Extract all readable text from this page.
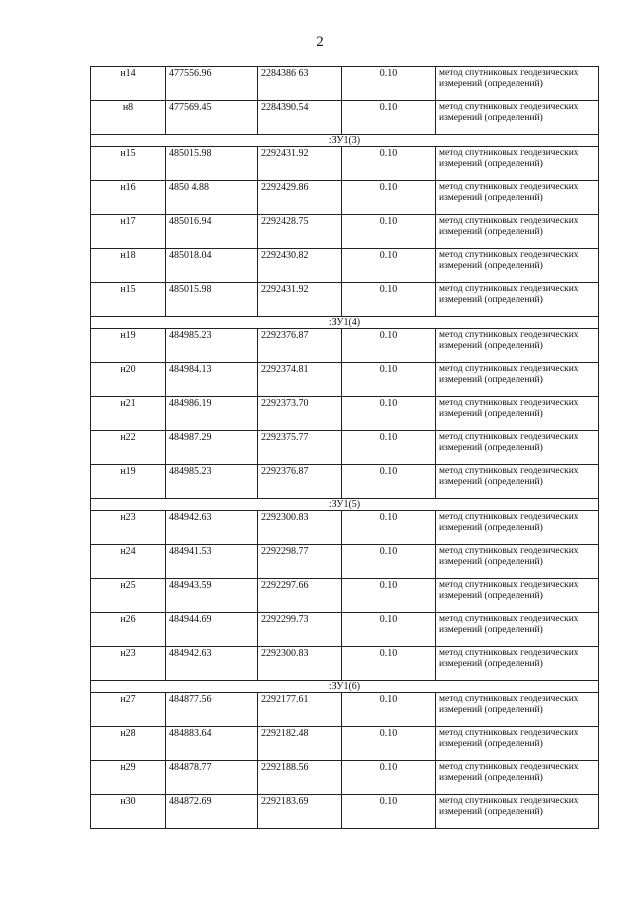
2
н14	477556.96	2284386 63	0.10	метод спутниковых геодезических измерений (определений)
н8	477569.45	2284390.54	0.10	метод спутниковых геодезических измерений (определений)
:ЗУ1(3)				
н15	485015.98	2292431.92	0.10	метод спутниковых геодезических измерений (определений)
н16	4850 4.88	2292429.86	0.10	метод спутниковых геодезических измерений (определений)
н17	485016.94	2292428.75	0.10	метод спутниковых геодезических измерений (определений)
н18	485018.04	2292430.82	0.10	метод спутниковых геодезических измерений (определений)
н15	485015.98	2292431.92	0.10	метод спутниковых геодезических измерений (определений)
:ЗУ1(4)				
н19	484985.23	2292376.87	0.10	метод спутниковых геодезических измерений (определений)
н20	484984.13	2292374.81	0.10	метод спутниковых геодезических измерений (определений)
н21	484986.19	2292373.70	0.10	метод спутниковых геодезических измерений (определений)
н22	484987.29	2292375.77	0.10	метод спутниковых геодезических измерений (определений)
н19	484985.23	2292376.87	0.10	метод спутниковых геодезических измерений (определений)
:ЗУ1(5)				
н23	484942.63	2292300.83	0.10	метод спутниковых геодезических измерений (определений)
н24	484941.53	2292298.77	0.10	метод спутниковых геодезических измерений (определений)
н25	484943.59	2292297.66	0.10	метод спутниковых геодезических измерений (определений)
н26	484944.69	2292299.73	0.10	метод спутниковых геодезических измерений (определений)
н23	484942.63	2292300.83	0.10	метод спутниковых геодезических измерений (определений)
:ЗУ1(6)				
н27	484877.56	2292177.61	0.10	метод спутниковых геодезических измерений (определений)
н28	484883.64	2292182.48	0.10	метод спутниковых геодезических измерений (определений)
н29	484878.77	2292188.56	0.10	метод спутниковых геодезических измерений (определений)
н30	484872.69	2292183.69	0.10	метод спутниковых геодезических измерений (определений)
